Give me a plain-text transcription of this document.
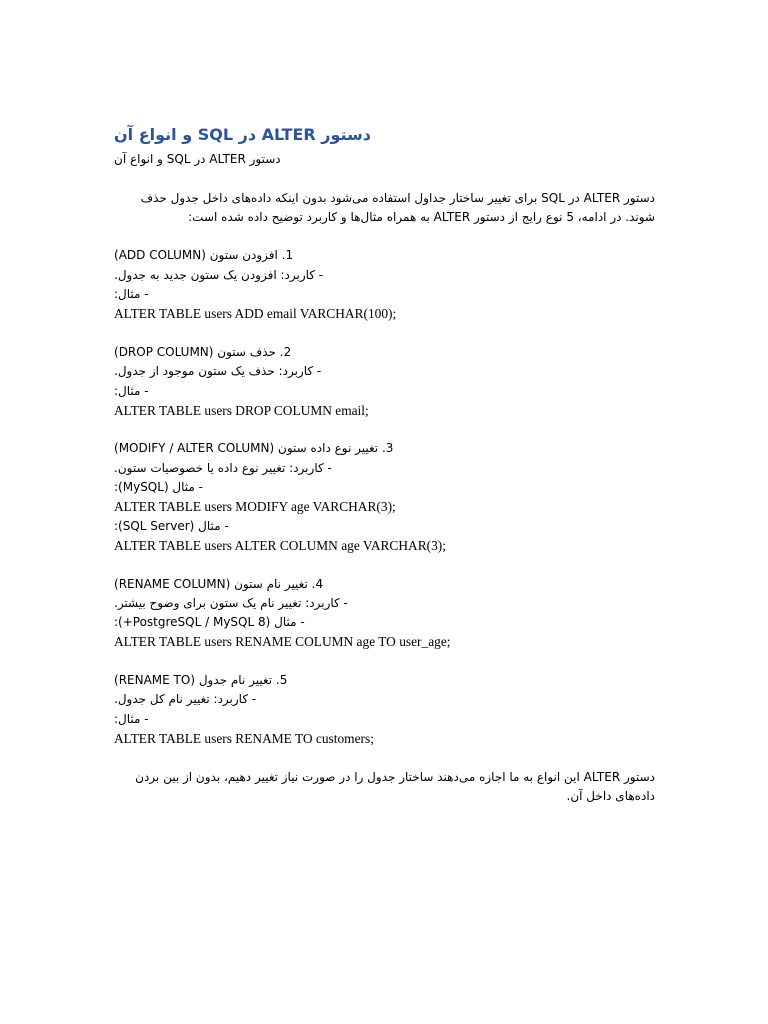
دستور ALTER در SQL و انواع آن
دستور ALTER در SQL و انواع آن
دستور ALTER در SQL برای تغییر ساختار جداول استفاده می‌شود بدون اینکه داده‌های داخل جدول حذف شوند. در ادامه، 5 نوع رایج از دستور ALTER به همراه مثال‌ها و کاربرد توضیح داده شده است:
1. افزودن ستون (ADD COLUMN)
- کاربرد: افزودن یک ستون جدید به جدول.
- مثال:
ALTER TABLE users ADD email VARCHAR(100);
2. حذف ستون (DROP COLUMN)
- کاربرد: حذف یک ستون موجود از جدول.
- مثال:
ALTER TABLE users DROP COLUMN email;
3. تغییر نوع داده ستون (MODIFY / ALTER COLUMN)
- کاربرد: تغییر نوع داده یا خصوصیات ستون.
- مثال (MySQL):
ALTER TABLE users MODIFY age VARCHAR(3);
- مثال (SQL Server):
ALTER TABLE users ALTER COLUMN age VARCHAR(3);
4. تغییر نام ستون (RENAME COLUMN)
- کاربرد: تغییر نام یک ستون برای وضوح بیشتر.
- مثال (PostgreSQL / MySQL 8+):
ALTER TABLE users RENAME COLUMN age TO user_age;
5. تغییر نام جدول (RENAME TO)
- کاربرد: تغییر نام کل جدول.
- مثال:
ALTER TABLE users RENAME TO customers;
دستور ALTER این انواع به ما اجازه می‌دهند ساختار جدول را در صورت نیاز تغییر دهیم، بدون از بین بردن داده‌های داخل آن.
